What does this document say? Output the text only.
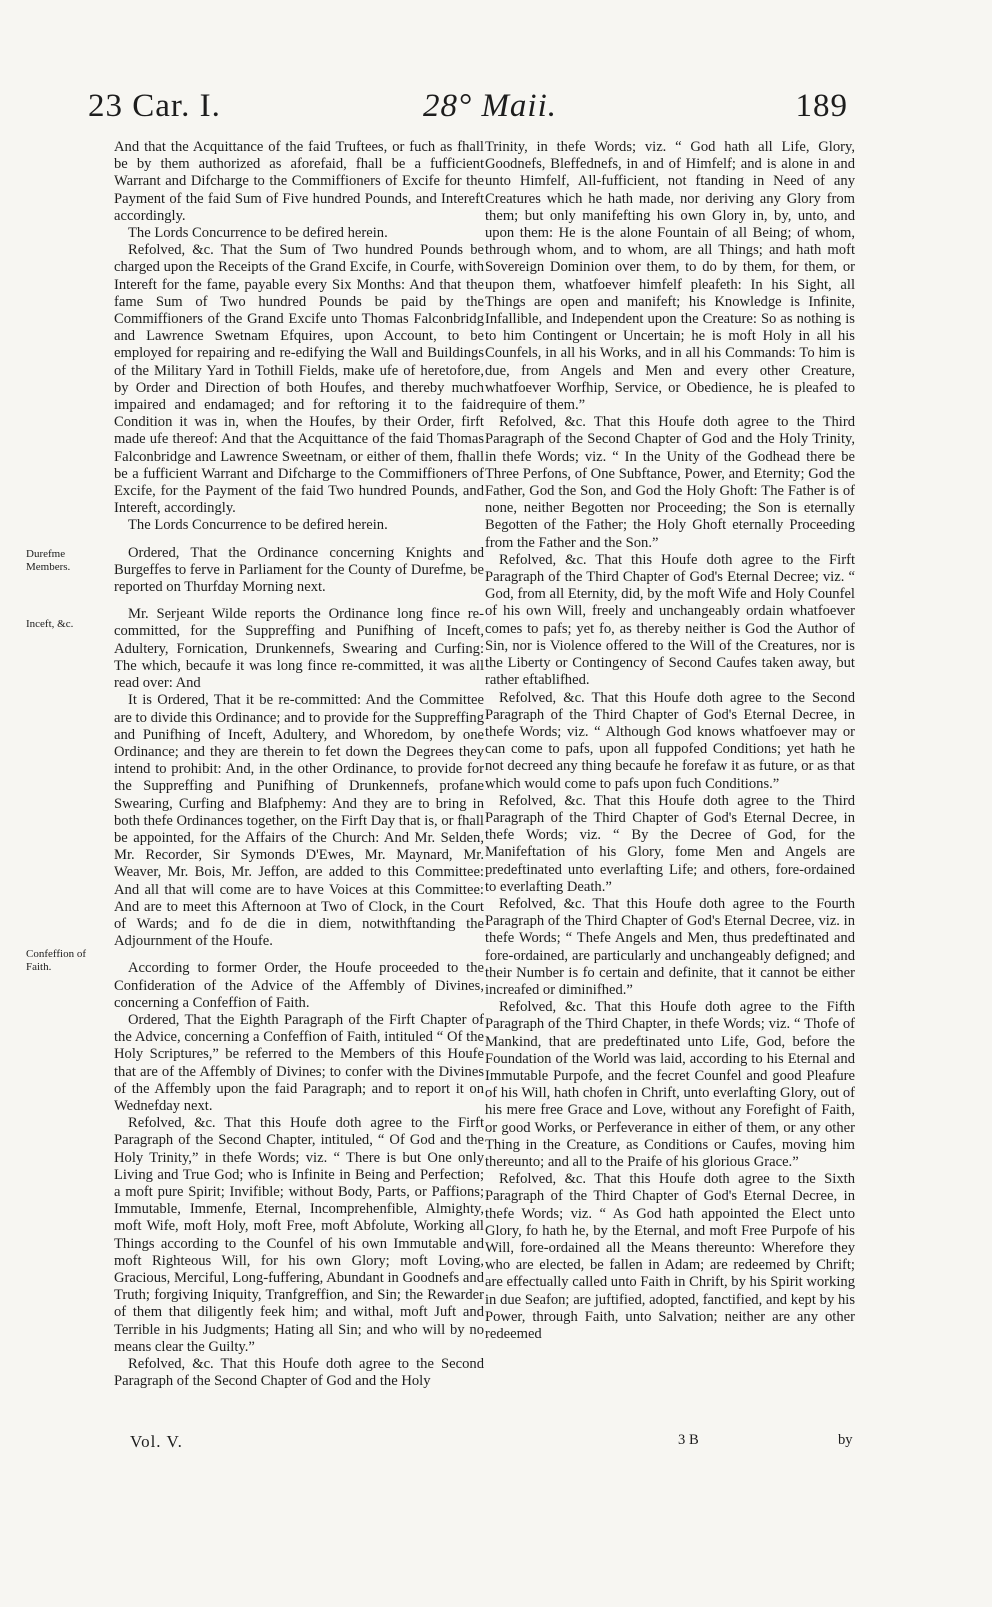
23 Car. I.	28° Maii.	189
Durefme Members.
Inceft, &c.
Confeffion of Faith.

And that the Acquittance of the faid Truftees, or fuch as fhall be by them authorized as aforefaid, fhall be a fufficient Warrant and Difcharge to the Commiffioners of Excife for the Payment of the faid Sum of Five hundred Pounds, and Intereft accordingly.

The Lords Concurrence to be defired herein.

Refolved, &c. That the Sum of Two hundred Pounds be charged upon the Receipts of the Grand Excife, in Courfe, with Intereft for the fame, payable every Six Months: And that the fame Sum of Two hundred Pounds be paid by the Commiffioners of the Grand Excife unto Thomas Falconbridg and Lawrence Swetnam Efquires, upon Account, to be employed for repairing and re-edifying the Wall and Buildings of the Military Yard in Tothill Fields, make ufe of heretofore, by Order and Direction of both Houfes, and thereby much impaired and endamaged; and for reftoring it to the faid Condition it was in, when the Houfes, by their Order, firft made ufe thereof: And that the Acquittance of the faid Thomas Falconbridge and Lawrence Sweetnam, or either of them, fhall be a fufficient Warrant and Difcharge to the Commiffioners of Excife, for the Payment of the faid Two hundred Pounds, and Intereft, accordingly.

The Lords Concurrence to be defired herein.

Ordered, That the Ordinance concerning Knights and Burgeffes to ferve in Parliament for the County of Durefme, be reported on Thurfday Morning next.

Mr. Serjeant Wilde reports the Ordinance long fince re-committed, for the Suppreffing and Punifhing of Inceft, Adultery, Fornication, Drunkennefs, Swearing and Curfing: The which, becaufe it was long fince re-committed, it was all read over: And

It is Ordered, That it be re-committed: And the Committee are to divide this Ordinance; and to provide for the Suppreffing and Punifhing of Inceft, Adultery, and Whoredom, by one Ordinance; and they are therein to fet down the Degrees they intend to prohibit: And, in the other Ordinance, to provide for the Suppreffing and Punifhing of Drunkennefs, profane Swearing, Curfing and Blafphemy: And they are to bring in both thefe Ordinances together, on the Firft Day that is, or fhall be appointed, for the Affairs of the Church: And Mr. Selden, Mr. Recorder, Sir Symonds D'Ewes, Mr. Maynard, Mr. Weaver, Mr. Bois, Mr. Jeffon, are added to this Committee: And all that will come are to have Voices at this Committee: And are to meet this Afternoon at Two of Clock, in the Court of Wards; and fo de die in diem, notwithftanding the Adjournment of the Houfe.

According to former Order, the Houfe proceeded to the Confideration of the Advice of the Affembly of Divines, concerning a Confeffion of Faith.

Ordered, That the Eighth Paragraph of the Firft Chapter of the Advice, concerning a Confeffion of Faith, intituled “ Of the Holy Scriptures,” be referred to the Members of this Houfe that are of the Affembly of Divines; to confer with the Divines of the Affembly upon the faid Paragraph; and to report it on Wednefday next.

Refolved, &c. That this Houfe doth agree to the Firft Paragraph of the Second Chapter, intituled, “ Of God and the Holy Trinity,” in thefe Words; viz. “ There is but One only Living and True God; who is Infinite in Being and Perfection; a moft pure Spirit; Invifible; without Body, Parts, or Paffions; Immutable, Immenfe, Eternal, Incomprehenfible, Almighty, moft Wife, moft Holy, moft Free, moft Abfolute, Working all Things according to the Counfel of his own Immutable and moft Righteous Will, for his own Glory; moft Loving, Gracious, Merciful, Long-fuffering, Abundant in Goodnefs and Truth; forgiving Iniquity, Tranfgreffion, and Sin; the Rewarder of them that diligently feek him; and withal, moft Juft and Terrible in his Judgments; Hating all Sin; and who will by no means clear the Guilty.”

Refolved, &c. That this Houfe doth agree to the Second Paragraph of the Second Chapter of God and the Holy

Trinity, in thefe Words; viz. “ God hath all Life, Glory, Goodnefs, Bleffednefs, in and of Himfelf; and is alone in and unto Himfelf, All-fufficient, not ftanding in Need of any Creatures which he hath made, nor deriving any Glory from them; but only manifefting his own Glory in, by, unto, and upon them: He is the alone Fountain of all Being; of whom, through whom, and to whom, are all Things; and hath moft Sovereign Dominion over them, to do by them, for them, or upon them, whatfoever himfelf pleafeth: In his Sight, all Things are open and manifeft; his Knowledge is Infinite, Infallible, and Independent upon the Creature: So as nothing is to him Contingent or Uncertain; he is moft Holy in all his Counfels, in all his Works, and in all his Commands: To him is due, from Angels and Men and every other Creature, whatfoever Worfhip, Service, or Obedience, he is pleafed to require of them.”

Refolved, &c. That this Houfe doth agree to the Third Paragraph of the Second Chapter of God and the Holy Trinity, in thefe Words; viz. “ In the Unity of the Godhead there be Three Perfons, of One Subftance, Power, and Eternity; God the Father, God the Son, and God the Holy Ghoft: The Father is of none, neither Begotten nor Proceeding; the Son is eternally Begotten of the Father; the Holy Ghoft eternally Proceeding from the Father and the Son.”

Refolved, &c. That this Houfe doth agree to the Firft Paragraph of the Third Chapter of God's Eternal Decree; viz. “ God, from all Eternity, did, by the moft Wife and Holy Counfel of his own Will, freely and unchangeably ordain whatfoever comes to pafs; yet fo, as thereby neither is God the Author of Sin, nor is Violence offered to the Will of the Creatures, nor is the Liberty or Contingency of Second Caufes taken away, but rather eftablifhed.

Refolved, &c. That this Houfe doth agree to the Second Paragraph of the Third Chapter of God's Eternal Decree, in thefe Words; viz. “ Although God knows whatfoever may or can come to pafs, upon all fuppofed Conditions; yet hath he not decreed any thing becaufe he forefaw it as future, or as that which would come to pafs upon fuch Conditions.”

Refolved, &c. That this Houfe doth agree to the Third Paragraph of the Third Chapter of God's Eternal Decree, in thefe Words; viz. “ By the Decree of God, for the Manifeftation of his Glory, fome Men and Angels are predeftinated unto everlafting Life; and others, fore-ordained to everlafting Death.”

Refolved, &c. That this Houfe doth agree to the Fourth Paragraph of the Third Chapter of God's Eternal Decree, viz. in thefe Words; “ Thefe Angels and Men, thus predeftinated and fore-ordained, are particularly and unchangeably defigned; and their Number is fo certain and definite, that it cannot be either increafed or diminifhed.”

Refolved, &c. That this Houfe doth agree to the Fifth Paragraph of the Third Chapter, in thefe Words; viz. “ Thofe of Mankind, that are predeftinated unto Life, God, before the Foundation of the World was laid, according to his Eternal and Immutable Purpofe, and the fecret Counfel and good Pleafure of his Will, hath chofen in Chrift, unto everlafting Glory, out of his mere free Grace and Love, without any Forefight of Faith, or good Works, or Perfeverance in either of them, or any other Thing in the Creature, as Conditions or Caufes, moving him thereunto; and all to the Praife of his glorious Grace.”

Refolved, &c. That this Houfe doth agree to the Sixth Paragraph of the Third Chapter of God's Eternal Decree, in thefe Words; viz. “ As God hath appointed the Elect unto Glory, fo hath he, by the Eternal, and moft Free Purpofe of his Will, fore-ordained all the Means thereunto: Wherefore they who are elected, be fallen in Adam; are redeemed by Chrift; are effectually called unto Faith in Chrift, by his Spirit working in due Seafon; are juftified, adopted, fanctified, and kept by his Power, through Faith, unto Salvation; neither are any other redeemed

Vol. V.	3 B	by
